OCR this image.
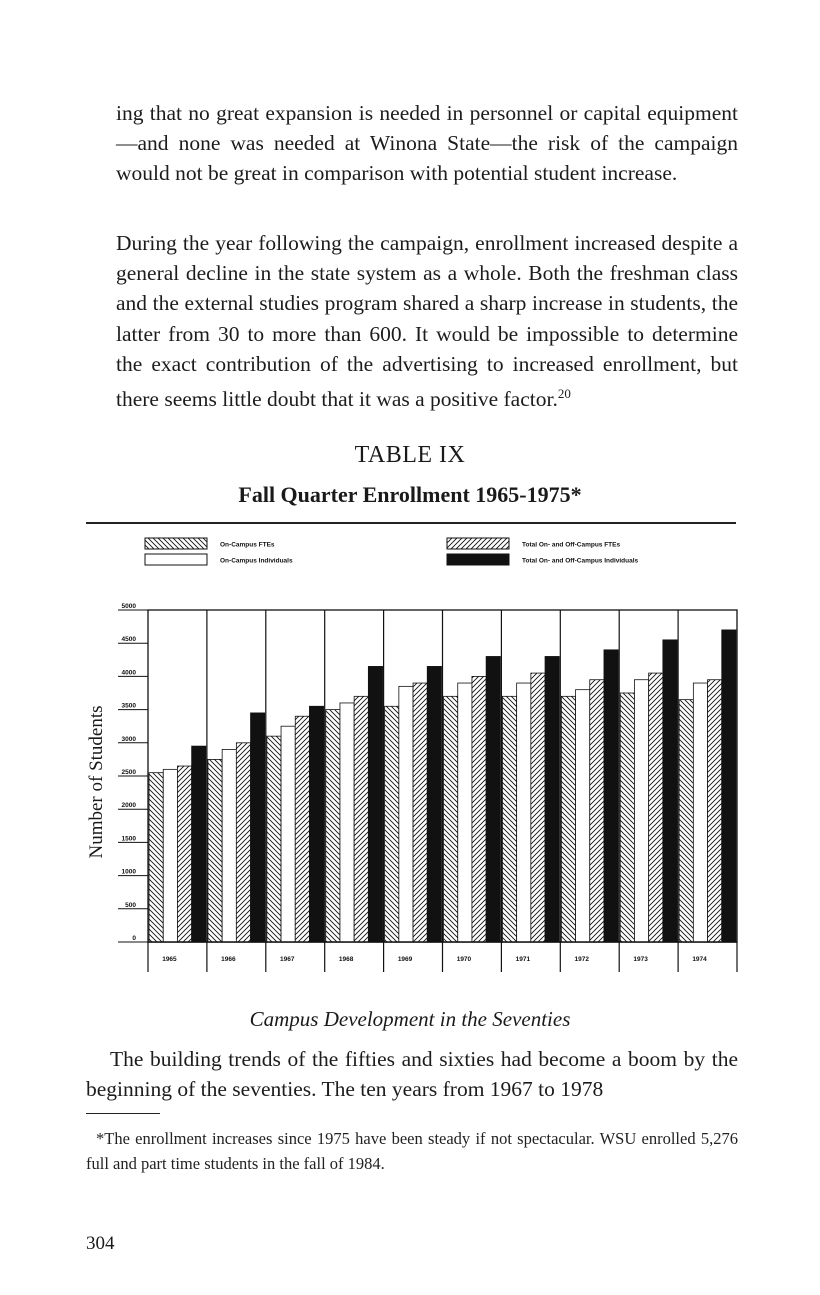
ing that no great expansion is needed in personnel or capital equipment—and none was needed at Winona State—the risk of the campaign would not be great in comparison with potential student increase.

During the year following the campaign, enrollment increased despite a general decline in the state system as a whole. Both the freshman class and the external studies program shared a sharp increase in students, the latter from 30 to more than 600. It would be impossible to determine the exact contribution of the advertising to increased enrollment, but there seems little doubt that it was a positive factor.$^{20}$

TABLE IX

Fall Quarter Enrollment 1965-1975*

On-Campus FTEs
On-Campus Individuals
Total On- and Off-Campus FTEs
Total On- and Off-Campus Individuals
0
500
1000
1500
2000
2500
3000
3500
4000
4500
5000
1965	1966	1967	1968	1969	1970	1971	1972	1973	1974
Number of Students

Campus Development in the Seventies

The building trends of the fifties and sixties had become a boom by the beginning of the seventies. The ten years from 1967 to 1978

*The enrollment increases since 1975 have been steady if not spectacular. WSU enrolled 5,276 full and part time students in the fall of 1984.

304
